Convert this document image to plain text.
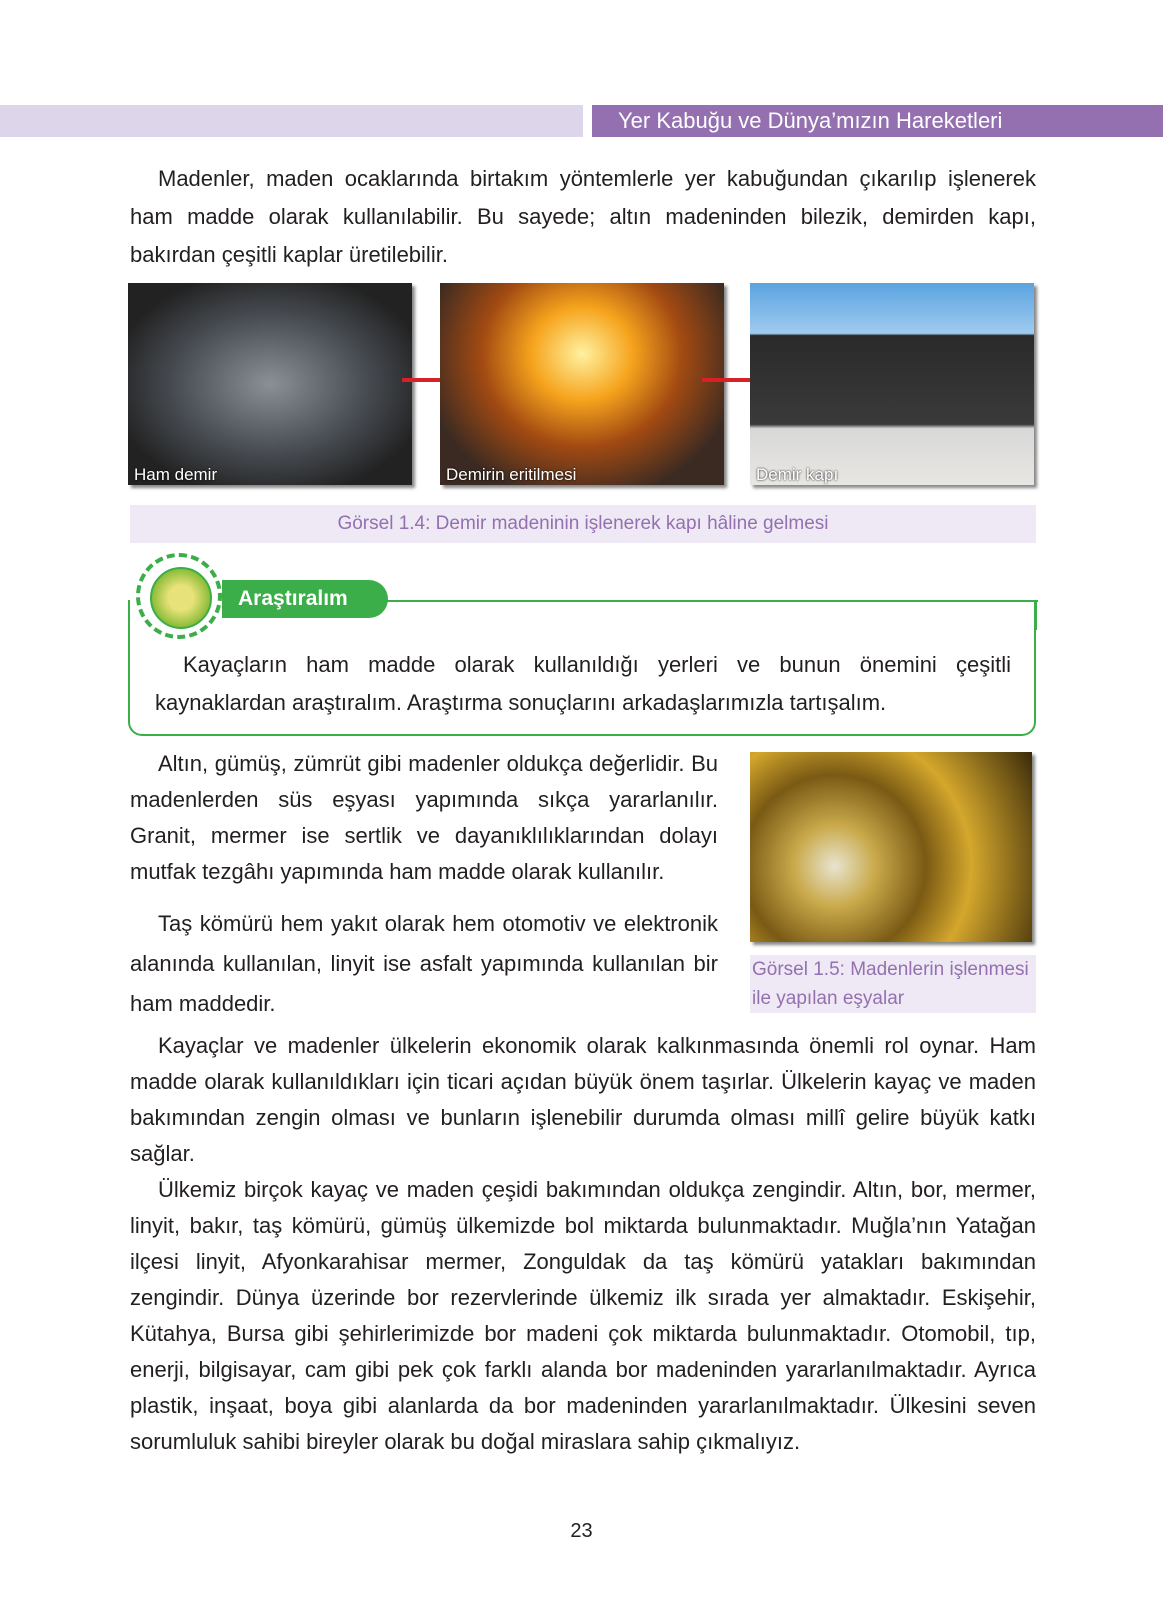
Yer Kabuğu ve Dünya’mızın Hareketleri
Madenler, maden ocaklarında birtakım yöntemlerle yer kabuğundan çıkarılıp işlenerek ham madde olarak kullanılabilir. Bu sayede; altın madeninden bilezik, demirden kapı, bakırdan çeşitli kaplar üretilebilir.
Ham demir	Demirin eritilmesi	Demir kapı
Görsel 1.4: Demir madeninin işlenerek kapı hâline gelmesi
Araştıralım
Kayaçların ham madde olarak kullanıldığı yerleri ve bunun önemini çeşitli kaynaklardan araştıralım. Araştırma sonuçlarını arkadaşlarımızla tartışalım.
Altın, gümüş, zümrüt gibi madenler oldukça değerlidir. Bu madenlerden süs eşyası yapımında sıkça yararlanılır. Granit, mermer ise sertlik ve dayanıklılıklarından dolayı mutfak tezgâhı yapımında ham madde olarak kullanılır.
Taş kömürü hem yakıt olarak hem otomotiv ve elektronik alanında kullanılan, linyit ise asfalt yapımında kullanılan bir ham maddedir.
Görsel 1.5: Madenlerin işlenmesi ile yapılan eşyalar
Kayaçlar ve madenler ülkelerin ekonomik olarak kalkınmasında önemli rol oynar. Ham madde olarak kullanıldıkları için ticari açıdan büyük önem taşırlar. Ülkelerin kayaç ve maden bakımından zengin olması ve bunların işlenebilir durumda olması millî gelire büyük katkı sağlar.
Ülkemiz birçok kayaç ve maden çeşidi bakımından oldukça zengindir. Altın, bor, mermer, linyit, bakır, taş kömürü, gümüş ülkemizde bol miktarda bulunmaktadır. Muğla’nın Yatağan ilçesi linyit, Afyonkarahisar mermer, Zonguldak da taş kömürü yatakları bakımından zengindir. Dünya üzerinde bor rezervlerinde ülkemiz ilk sırada yer almaktadır. Eskişehir, Kütahya, Bursa gibi şehirlerimizde bor madeni çok miktarda bulunmaktadır. Otomobil, tıp, enerji, bilgisayar, cam gibi pek çok farklı alanda bor madeninden yararlanılmaktadır. Ayrıca plastik, inşaat, boya gibi alanlarda da bor madeninden yararlanılmaktadır. Ülkesini seven sorumluluk sahibi bireyler olarak bu doğal miraslara sahip çıkmalıyız.
23
